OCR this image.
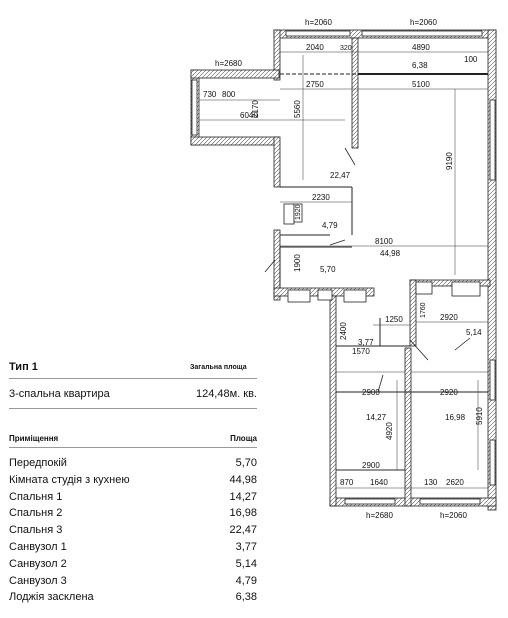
h=2060	h=2060
h=2680
h=2680	h=2060
2040 320	4890
100
6,38
730 800
2750	5100
6040
2170	5560
9190
22,47
2230
1920
4,79
8100
44,98
1900 5,70
1250
1760 2920
5,14
2400
3,77
1570
2900	2920
14,27
4920
16,98 5910
2900
870 1640	130 2620
Тип 1	Загальна площа
3-спальна квартира	124,48м. кв.
Приміщення	Площа
Передпокій	5,70
Кімната студія з кухнею	44,98
Спальня 1	14,27
Спальня 2	16,98
Спальня 3	22,47
Санвузол 1	3,77
Санвузол 2	5,14
Санвузол 3	4,79
Лоджія засклена	6,38
